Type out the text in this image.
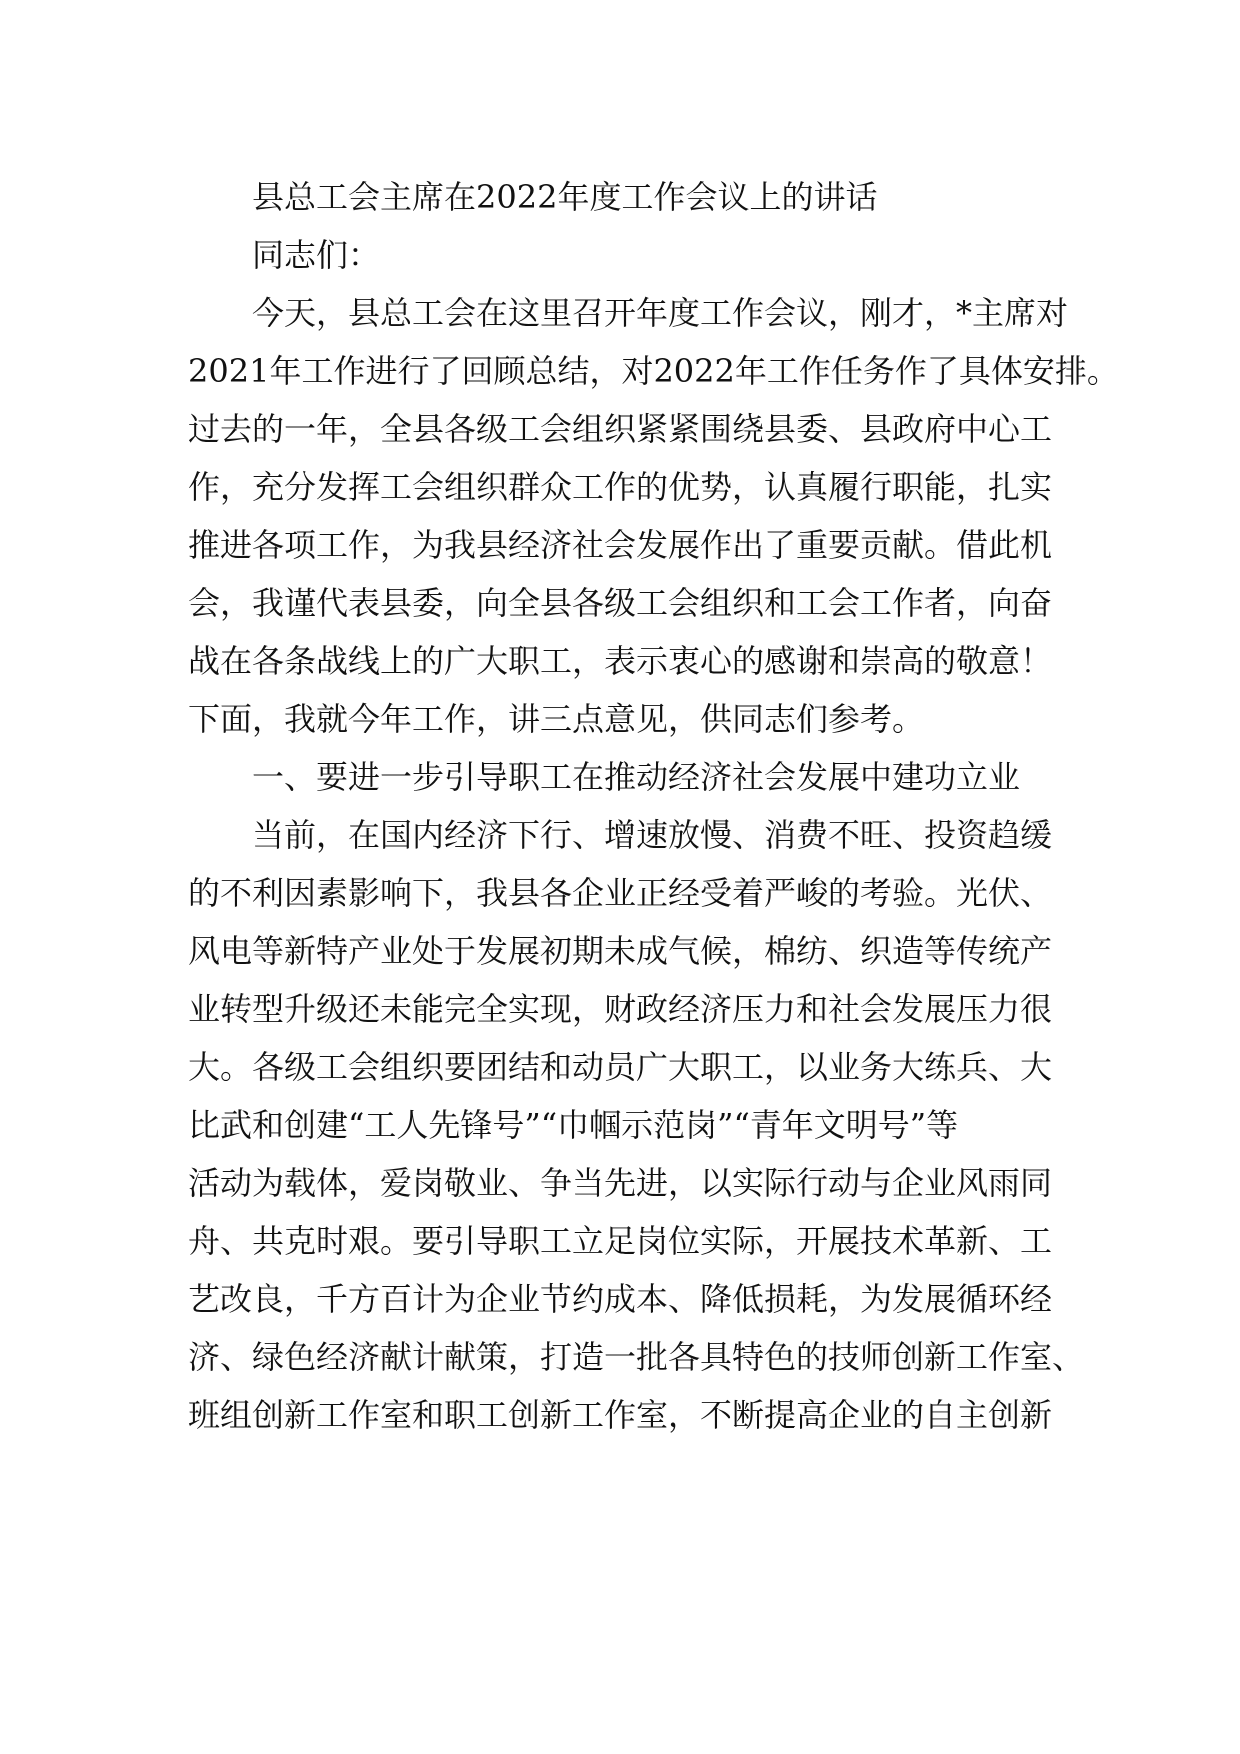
县总工会主席在2022年度工作会议上的讲话
同志们：
今天，县总工会在这里召开年度工作会议，刚才，*主席对
2021年工作进行了回顾总结，对2022年工作任务作了具体安排。
过去的一年，全县各级工会组织紧紧围绕县委、县政府中心工
作，充分发挥工会组织群众工作的优势，认真履行职能，扎实
推进各项工作，为我县经济社会发展作出了重要贡献。借此机
会，我谨代表县委，向全县各级工会组织和工会工作者，向奋
战在各条战线上的广大职工，表示衷心的感谢和崇高的敬意！
下面，我就今年工作，讲三点意见，供同志们参考。
一、要进一步引导职工在推动经济社会发展中建功立业
当前，在国内经济下行、增速放慢、消费不旺、投资趋缓
的不利因素影响下，我县各企业正经受着严峻的考验。光伏、
风电等新特产业处于发展初期未成气候，棉纺、织造等传统产
业转型升级还未能完全实现，财政经济压力和社会发展压力很
大。各级工会组织要团结和动员广大职工，以业务大练兵、大
比武和创建“工人先锋号”“巾帼示范岗”“青年文明号”等
活动为载体，爱岗敬业、争当先进，以实际行动与企业风雨同
舟、共克时艰。要引导职工立足岗位实际，开展技术革新、工
艺改良，千方百计为企业节约成本、降低损耗，为发展循环经
济、绿色经济献计献策，打造一批各具特色的技师创新工作室、
班组创新工作室和职工创新工作室，不断提高企业的自主创新
